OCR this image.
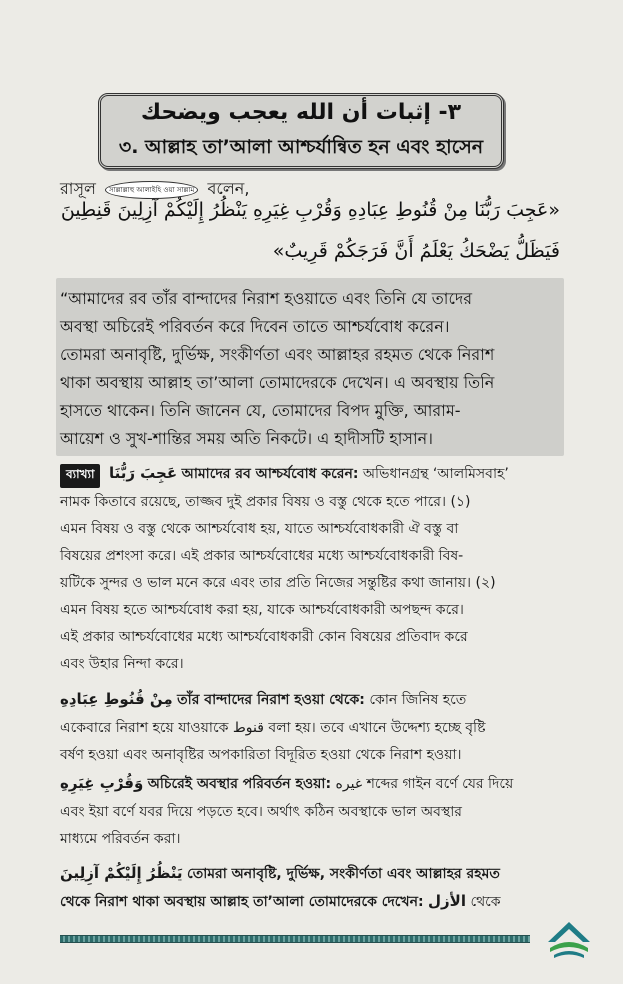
٣- إثبات أن الله يعجب ويضحك
৩. আল্লাহ তা’আলা আশ্চর্যান্বিত হন এবং হাসেন
রাসূল সাল্লাল্লাহু আলাইহি ওয়া সাল্লাম বলেন,
«عَجِبَ رَبُّنَا مِنْ قُنُوطِ عِبَادِهِ وَقُرْبِ غِيَرِهِ يَنْظُرُ إِلَيْكُمْ آزِلِينَ قَنِطِينَ
فَيَظَلُّ يَضْحَكُ يَعْلَمُ أَنَّ فَرَجَكُمْ قَرِيبٌ»
“আমাদের রব তাঁর বান্দাদের নিরাশ হওয়াতে এবং তিনি যে তাদের
অবস্থা অচিরেই পরিবর্তন করে দিবেন তাতে আশ্চর্যবোধ করেন।
তোমরা অনাবৃষ্টি, দুর্ভিক্ষ, সংকীর্ণতা এবং আল্লাহর রহমত থেকে নিরাশ
থাকা অবস্থায় আল্লাহ তা’আলা তোমাদেরকে দেখেন। এ অবস্থায় তিনি
হাসতে থাকেন। তিনি জানেন যে, তোমাদের বিপদ মুক্তি, আরাম-
আয়েশ ও সুখ-শান্তির সময় অতি নিকটে। এ হাদীসটি হাসান।
ব্যাখ্যা عَجِبَ رَبُّنَا আমাদের রব আশ্চর্যবোধ করেন: অভিধানগ্রন্থ ‘আলমিসবাহ’
নামক কিতাবে রয়েছে, তাজ্জব দুই প্রকার বিষয় ও বস্তু থেকে হতে পারে। (১)
এমন বিষয় ও বস্তু থেকে আশ্চর্যবোধ হয়, যাতে আশ্চর্যবোধকারী ঐ বস্তু বা
বিষয়ের প্রশংসা করে। এই প্রকার আশ্চর্যবোধের মধ্যে আশ্চর্যবোধকারী বিষ-
য়টিকে সুন্দর ও ভাল মনে করে এবং তার প্রতি নিজের সন্তুষ্টির কথা জানায়। (২)
এমন বিষয় হতে আশ্চর্যবোধ করা হয়, যাকে আশ্চর্যবোধকারী অপছন্দ করে।
এই প্রকার আশ্চর্যবোধের মধ্যে আশ্চর্যবোধকারী কোন বিষয়ের প্রতিবাদ করে
এবং উহার নিন্দা করে।
مِنْ قُنُوطِ عِبَادِهِ তাঁর বান্দাদের নিরাশ হওয়া থেকে: কোন জিনিষ হতে
একেবারে নিরাশ হয়ে যাওয়াকে قنوط বলা হয়। তবে এখানে উদ্দেশ্য হচ্ছে বৃষ্টি
বর্ষণ হওয়া এবং অনাবৃষ্টির অপকারিতা বিদূরিত হওয়া থেকে নিরাশ হওয়া।
وَقُرْبِ غِيَرِهِ অচিরেই অবস্থার পরিবর্তন হওয়া: غيره শব্দের গাইন বর্ণে যের দিয়ে
এবং ইয়া বর্ণে যবর দিয়ে পড়তে হবে। অর্থাৎ কঠিন অবস্থাকে ভাল অবস্থার
মাধ্যমে পরিবর্তন করা।
يَنْظُرُ إِلَيْكُمْ آزِلِينَ তোমরা অনাবৃষ্টি, দুর্ভিক্ষ, সংকীর্ণতা এবং আল্লাহর রহমত
থেকে নিরাশ থাকা অবস্থায় আল্লাহ তা’আলা তোমাদেরকে দেখেন: الأزل থেকে
